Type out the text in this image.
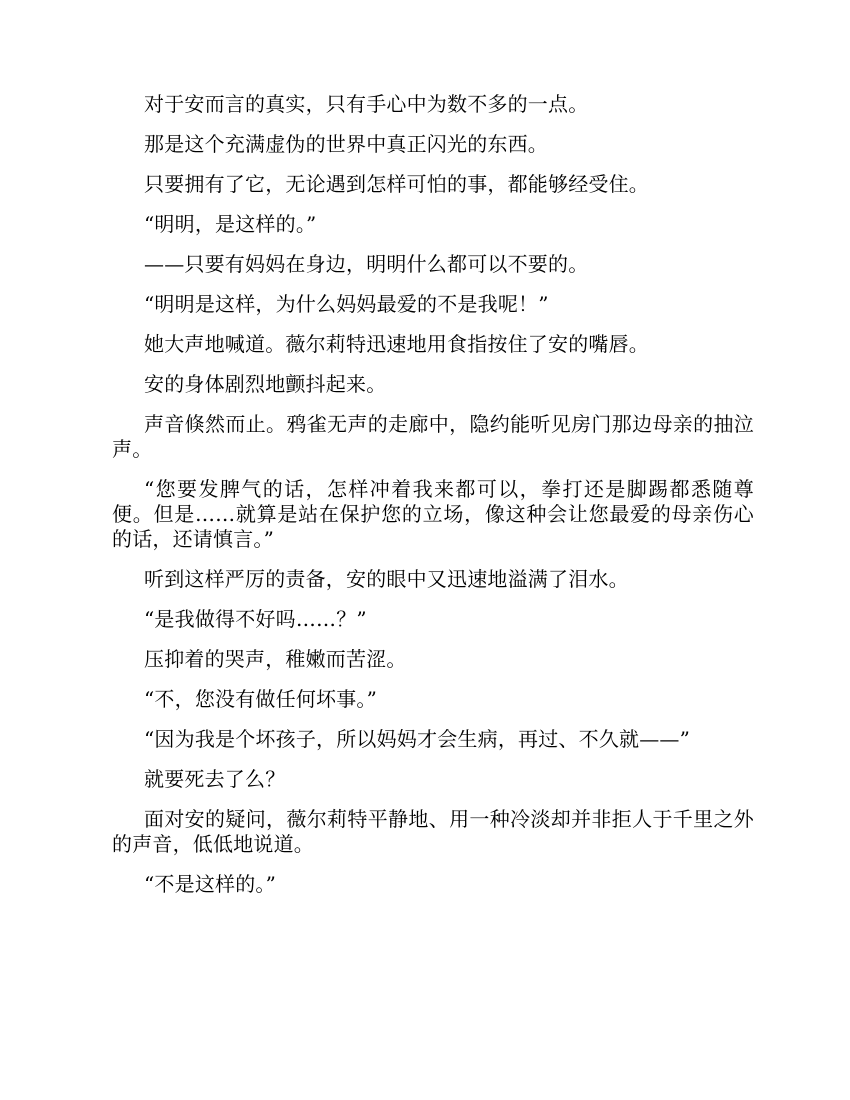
对于安而言的真实，只有手心中为数不多的一点。

那是这个充满虚伪的世界中真正闪光的东西。

只要拥有了它，无论遇到怎样可怕的事，都能够经受住。

“明明，是这样的。”

——只要有妈妈在身边，明明什么都可以不要的。

“明明是这样，为什么妈妈最爱的不是我呢！”

她大声地喊道。薇尔莉特迅速地用食指按住了安的嘴唇。

安的身体剧烈地颤抖起来。

声音倏然而止。鸦雀无声的走廊中，隐约能听见房门那边母亲的抽泣声。

“您要发脾气的话，怎样冲着我来都可以，拳打还是脚踢都悉随尊便。但是……就算是站在保护您的立场，像这种会让您最爱的母亲伤心的话，还请慎言。”

听到这样严厉的责备，安的眼中又迅速地溢满了泪水。

“是我做得不好吗……？”

压抑着的哭声，稚嫩而苦涩。

“不，您没有做任何坏事。”

“因为我是个坏孩子，所以妈妈才会生病，再过、不久就——”

就要死去了么？

面对安的疑问，薇尔莉特平静地、用一种冷淡却并非拒人于千里之外的声音，低低地说道。

“不是这样的。”
